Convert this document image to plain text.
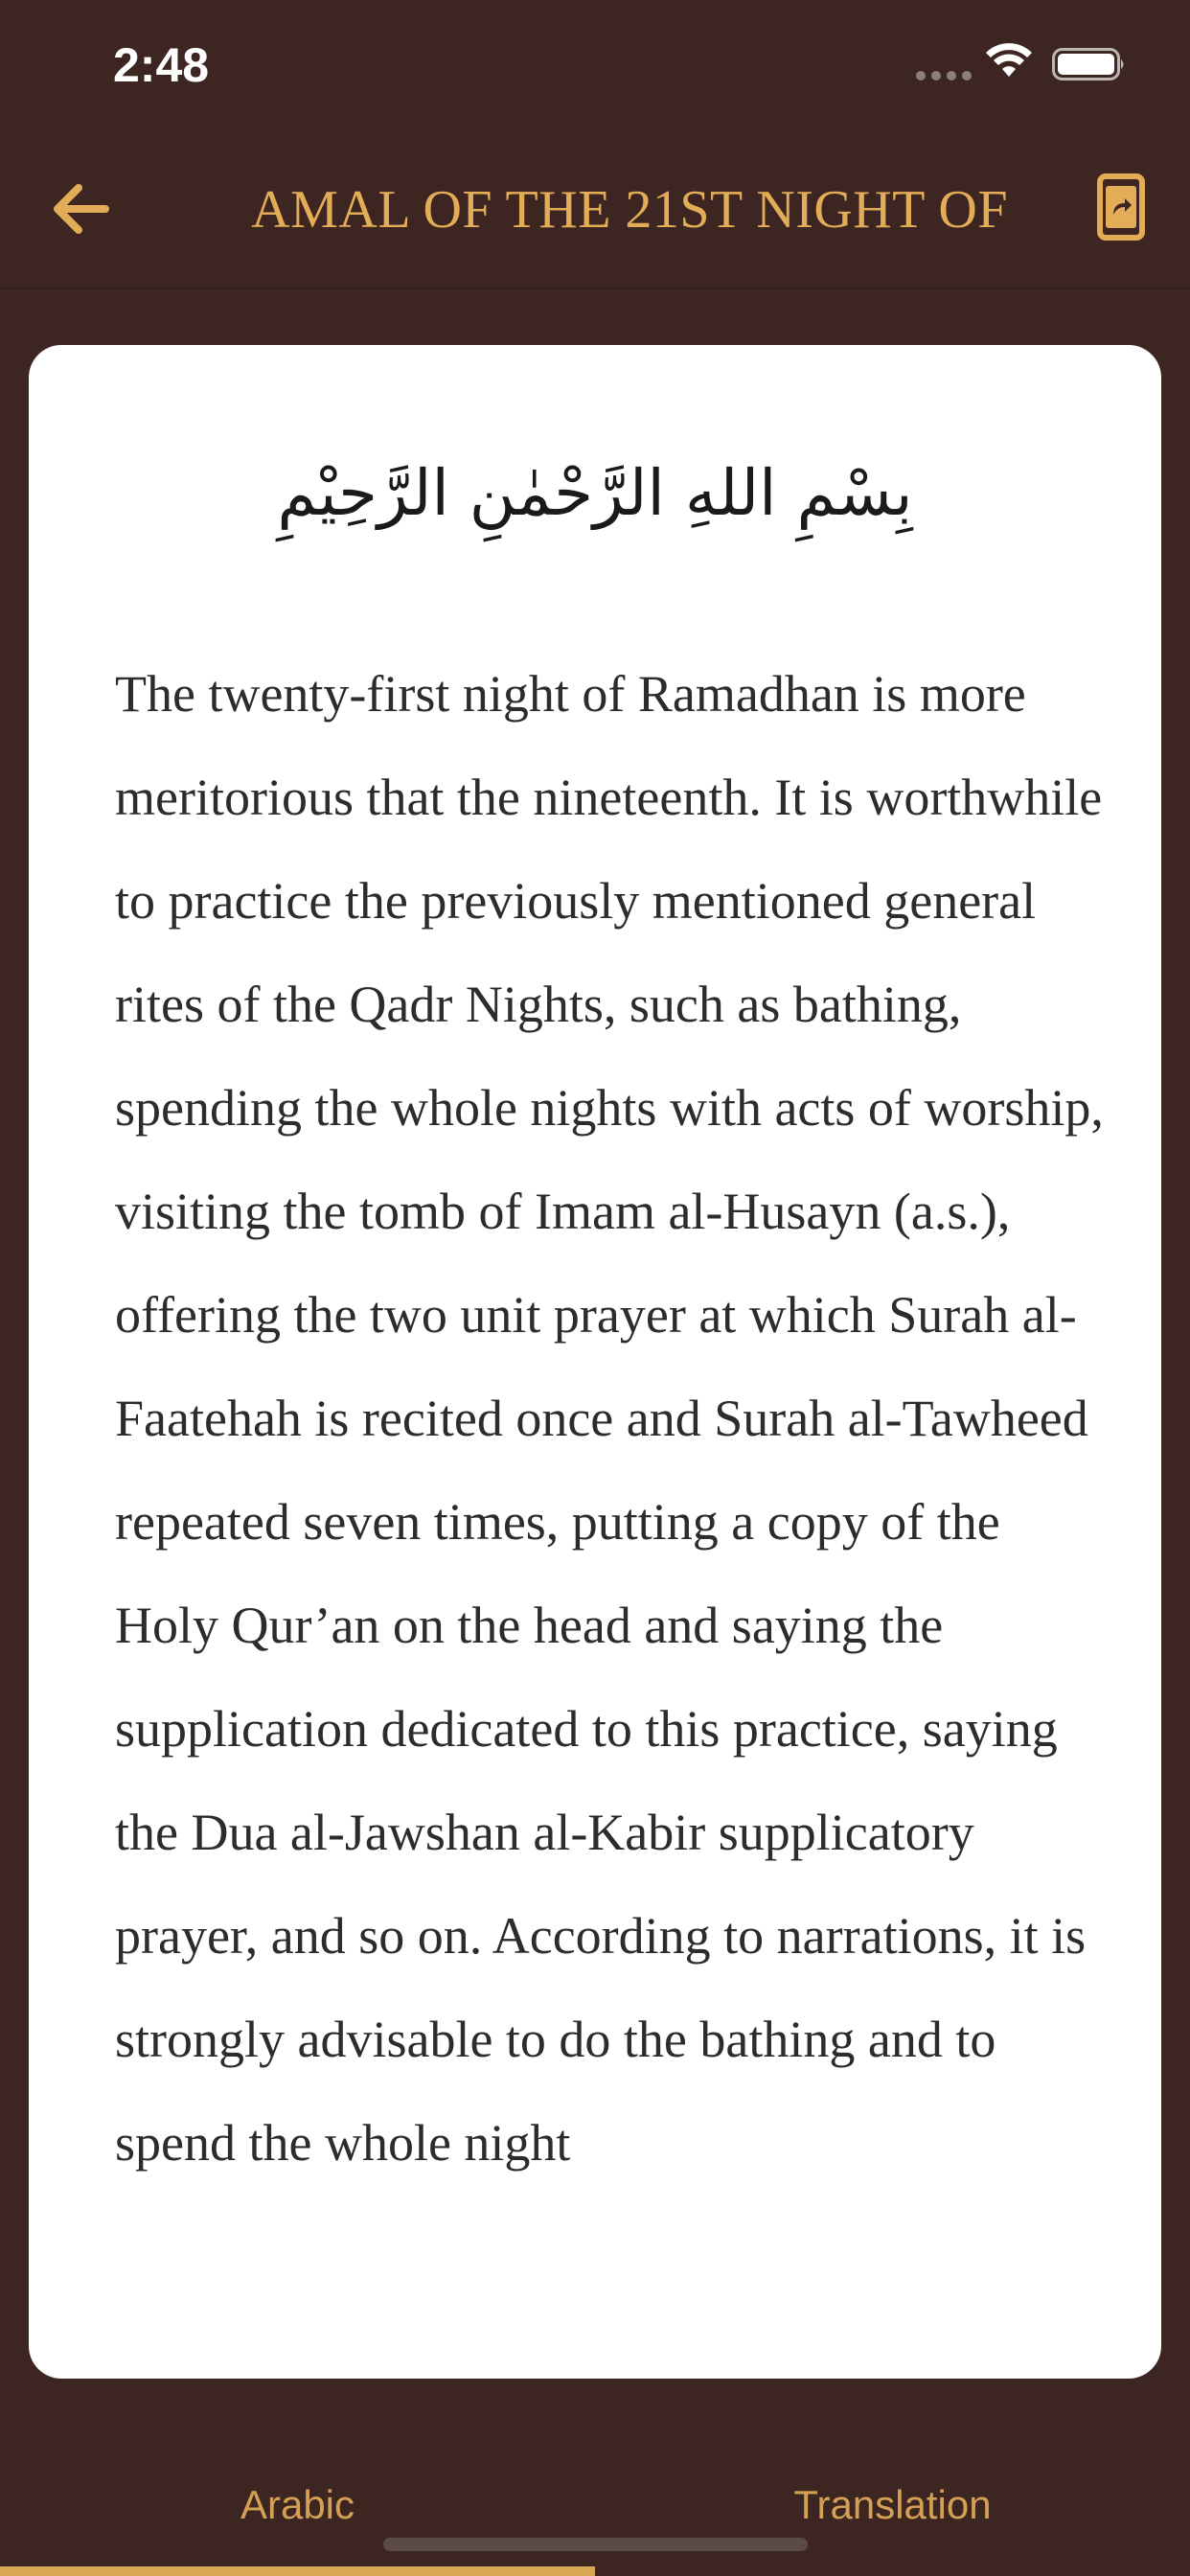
2:48
AMAL OF THE 21ST NIGHT OF
بِسْمِ اللهِ الرَّحْمٰنِ الرَّحِيْمِ
The twenty-first night of Ramadhan is more meritorious that the nineteenth. It is worthwhile to practice the previously mentioned general rites of the Qadr Nights, such as bathing, spending the whole nights with acts of worship, visiting the tomb of Imam al-Husayn (a.s.), offering the two unit prayer at which Surah al-Faatehah is recited once and Surah al-Tawheed repeated seven times, putting a copy of the Holy Qur’an on the head and saying the supplication dedicated to this practice, saying the Dua al-Jawshan al-Kabir supplicatory prayer, and so on. According to narrations, it is strongly advisable to do the bathing and to spend the whole night
Arabic	Translation
